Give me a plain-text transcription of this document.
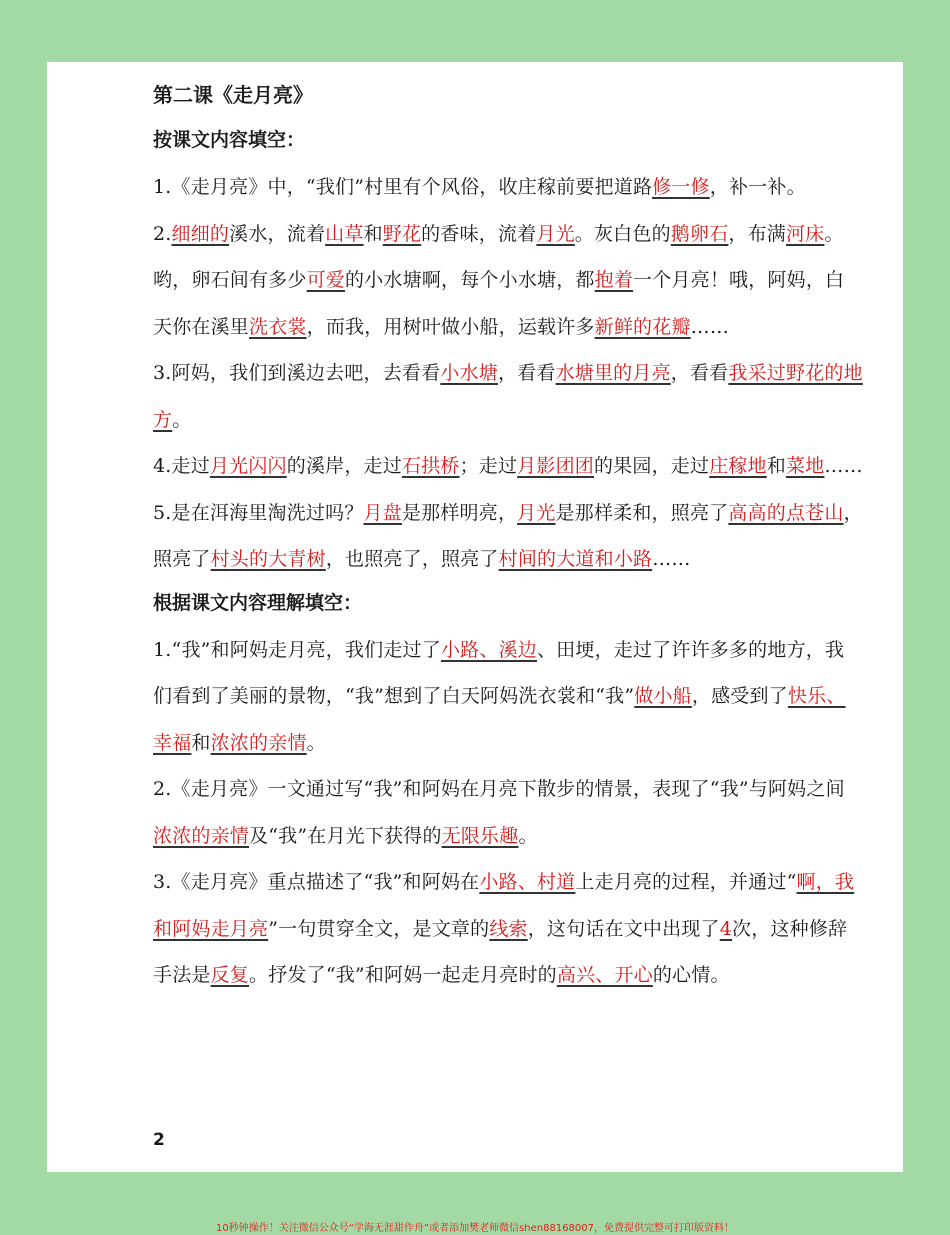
第二课《走月亮》
按课文内容填空：

1.《走月亮》中，“我们”村里有个风俗，收庄稼前要把道路修一修，补一补。

2.细细的溪水，流着山草和野花的香味，流着月光。灰白色的鹅卵石，布满河床。哟，卵石间有多少可爱的小水塘啊，每个小水塘，都抱着一个月亮！哦，阿妈，白天你在溪里洗衣裳，而我，用树叶做小船，运载许多新鲜的花瓣……

3.阿妈，我们到溪边去吧，去看看小水塘，看看水塘里的月亮，看看我采过野花的地方。

4.走过月光闪闪的溪岸，走过石拱桥；走过月影团团的果园，走过庄稼地和菜地……

5.是在洱海里淘洗过吗？月盘是那样明亮，月光是那样柔和，照亮了高高的点苍山，照亮了村头的大青树，也照亮了，照亮了村间的大道和小路……

根据课文内容理解填空：

1.“我”和阿妈走月亮，我们走过了小路、溪边、田埂，走过了许许多多的地方，我们看到了美丽的景物，“我”想到了白天阿妈洗衣裳和“我”做小船，感受到了快乐、幸福和浓浓的亲情。

2.《走月亮》一文通过写“我”和阿妈在月亮下散步的情景，表现了“我”与阿妈之间浓浓的亲情及“我”在月光下获得的无限乐趣。

3.《走月亮》重点描述了“我”和阿妈在小路、村道上走月亮的过程，并通过“啊，我和阿妈走月亮”一句贯穿全文，是文章的线索，这句话在文中出现了4次，这种修辞手法是反复。抒发了“我”和阿妈一起走月亮时的高兴、开心的心情。

2
10秒钟操作！关注微信公众号“学海无涯甜作舟”或者添加樊老师微信shen88168007，免费提供完整可打印版资料！
